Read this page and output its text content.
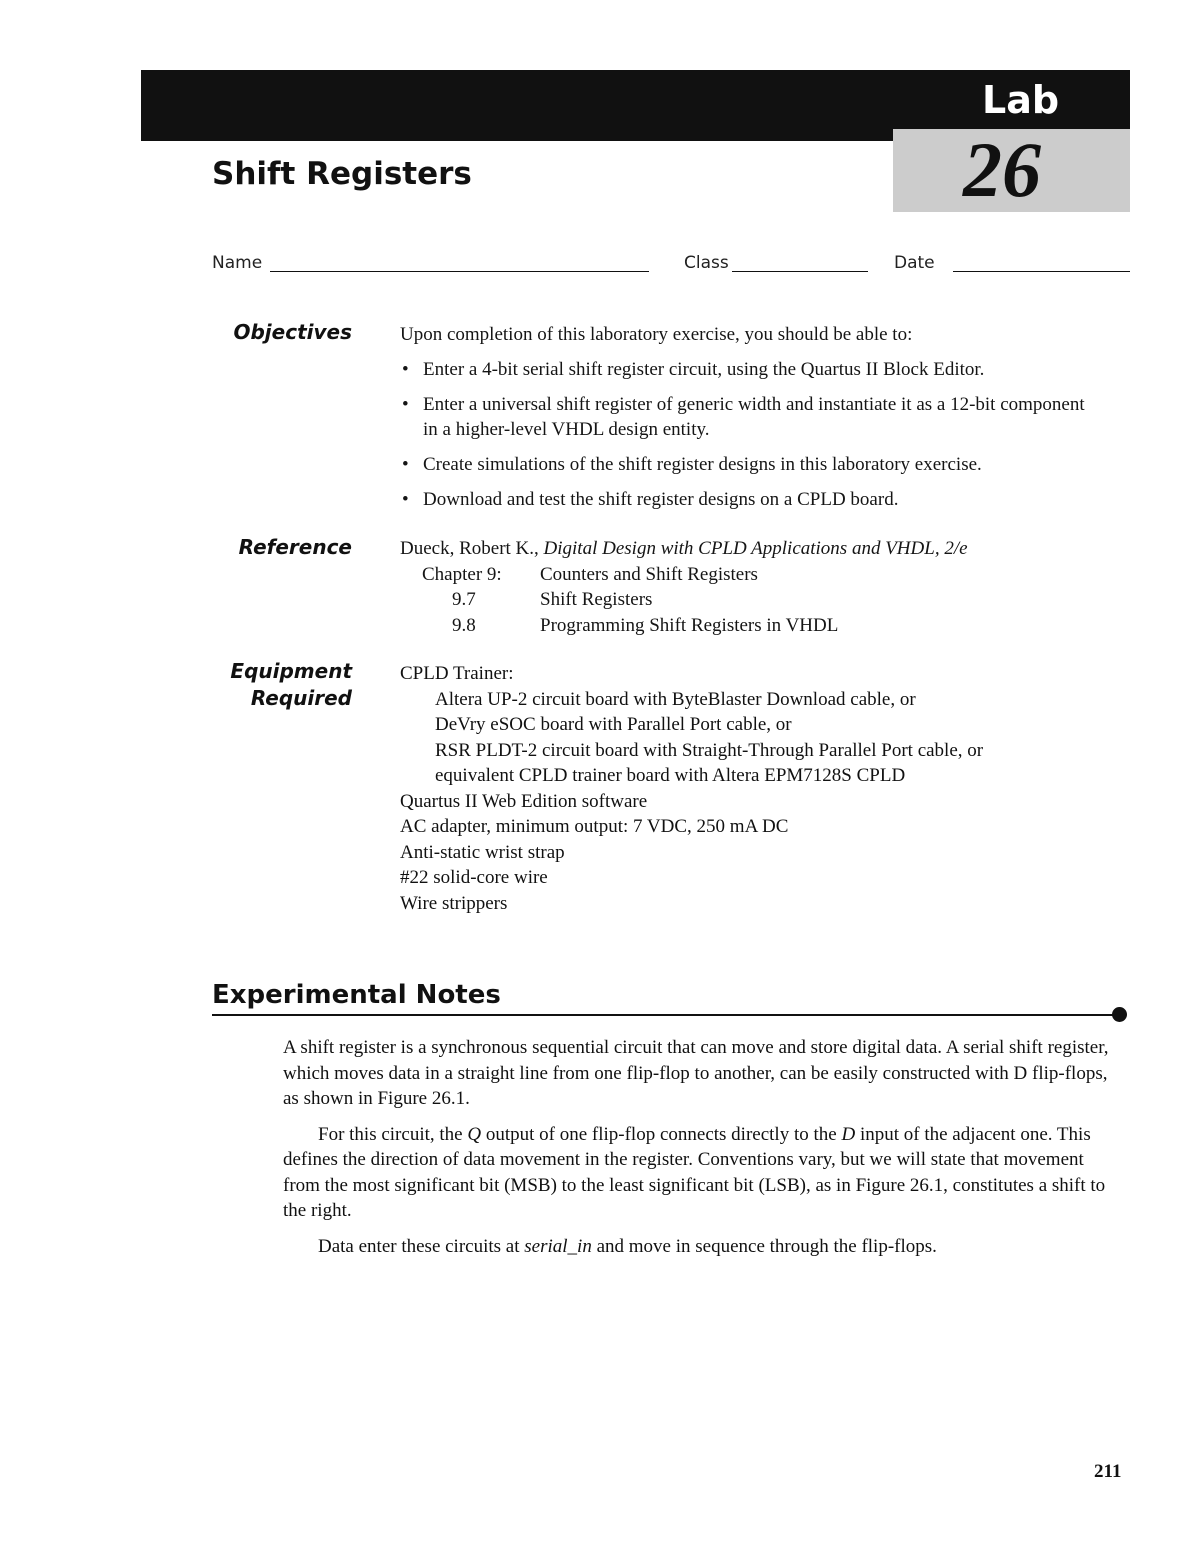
Lab
26
Shift Registers
Name	Class	Date
Objectives	Upon completion of this laboratory exercise, you should be able to:
• Enter a 4-bit serial shift register circuit, using the Quartus II Block Editor.
• Enter a universal shift register of generic width and instantiate it as a 12-bit component in a higher-level VHDL design entity.
• Create simulations of the shift register designs in this laboratory exercise.
• Download and test the shift register designs on a CPLD board.
Reference	Dueck, Robert K., Digital Design with CPLD Applications and VHDL, 2/e
Chapter 9:	Counters and Shift Registers
9.7	Shift Registers
9.8	Programming Shift Registers in VHDL
Equipment
Required
CPLD Trainer:
Altera UP-2 circuit board with ByteBlaster Download cable, or
DeVry eSOC board with Parallel Port cable, or
RSR PLDT-2 circuit board with Straight-Through Parallel Port cable, or
equivalent CPLD trainer board with Altera EPM7128S CPLD
Quartus II Web Edition software
AC adapter, minimum output: 7 VDC, 250 mA DC
Anti-static wrist strap
#22 solid-core wire
Wire strippers
Experimental Notes

A shift register is a synchronous sequential circuit that can move and store digital data. A serial shift register, which moves data in a straight line from one flip-flop to another, can be easily constructed with D flip-flops, as shown in Figure 26.1.

For this circuit, the Q output of one flip-flop connects directly to the D input of the adjacent one. This defines the direction of data movement in the register. Conventions vary, but we will state that movement from the most significant bit (MSB) to the least significant bit (LSB), as in Figure 26.1, constitutes a shift to the right.

Data enter these circuits at serial_in and move in sequence through the flip-flops.

211
